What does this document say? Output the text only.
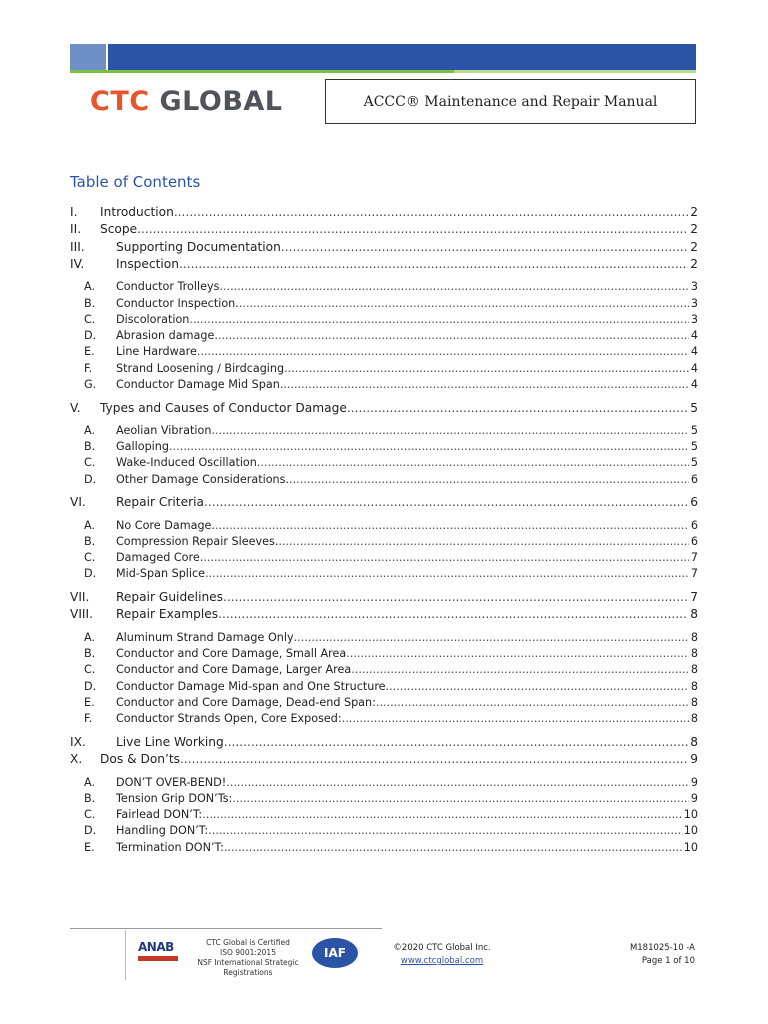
CTC GLOBAL	ACCC® Maintenance and Repair Manual
Table of Contents
I.	Introduction .....	2
II.	Scope .....	2
III.	Supporting Documentation .....	2
IV.	Inspection .....	2
A.	Conductor Trolleys .....	3
B.	Conductor Inspection. .....	3
C.	Discoloration .....	3
D.	Abrasion damage .....	4
E.	Line Hardware .....	4
F.	Strand Loosening / Birdcaging .....	4
G.	Conductor Damage Mid Span .....	4
V.	Types and Causes of Conductor Damage .....	5
A.	Aeolian Vibration .....	5
B.	Galloping .....	5
C.	Wake-Induced Oscillation .....	5
D.	Other Damage Considerations. .....	6
VI.	Repair Criteria .....	6
A.	No Core Damage. .....	6
B.	Compression Repair Sleeves. .....	6
C.	Damaged Core. .....	7
D.	Mid-Span Splice .....	7
VII.	Repair Guidelines .....	7
VIII.	Repair Examples .....	8
A.	Aluminum Strand Damage Only .....	8
B.	Conductor and Core Damage, Small Area .....	8
C.	Conductor and Core Damage, Larger Area .....	8
D.	Conductor Damage Mid-span and One Structure .....	8
E.	Conductor and Core Damage, Dead-end Span: .....	8
F.	Conductor Strands Open, Core Exposed: .....	8
IX.	Live Line Working .....	8
X.	Dos & Don’ts .....	9
A.	DON’T OVER-BEND! .....	9
B.	Tension Grip DON’Ts: .....	9
C.	Fairlead DON’T: .....	10
D.	Handling DON’T: .....	10
E.	Termination DON’T: .....	10
ANAB	CTC Global is Certified
ISO 9001:2015
NSF International Strategic Registrations
IAF	©2020 CTC Global Inc.
www.ctcglobal.com
M181025-10 -A
Page 1 of 10
